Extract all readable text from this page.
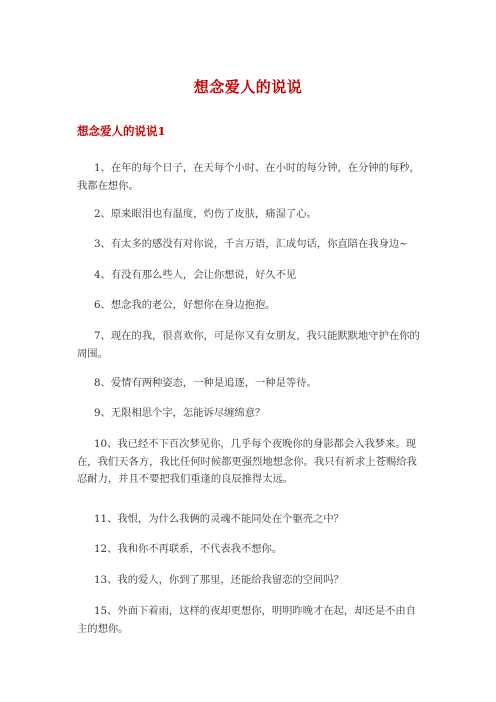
想念爱人的说说
想念爱人的说说1

1、在年的每个日子，在天每个小时、在小时的每分钟，在分钟的每秒，我都在想你。

2、原来眼泪也有温度，灼伤了皮肤，痛湿了心。

3、有太多的感没有对你说，千言万语，汇成句话，你直陪在我身边~

4、有没有那么些人，会让你想说，好久不见

6、想念我的老公，好想你在身边抱抱。

7、现在的我，很喜欢你，可是你又有女朋友，我只能默默地守护在你的周围。

8、爱情有两种姿态，一种是追逐，一种是等待。

9、无限相思个字，怎能诉尽缠绵意？

10、我已经不下百次梦见你，几乎每个夜晚你的身影都会入我梦来。现在，我们天各方，我比任何时候都更强烈地想念你。我只有祈求上苍赐给我忍耐力，并且不要把我们重逢的良辰推得太远。

11、我恨，为什么我俩的灵魂不能同处在个躯壳之中？

12、我和你不再联系，不代表我不想你。

13、我的爱人，你到了那里，还能给我留恋的空间吗？

15、外面下着雨，这样的夜却更想你，明明昨晚才在起，却还是不由自主的想你。
